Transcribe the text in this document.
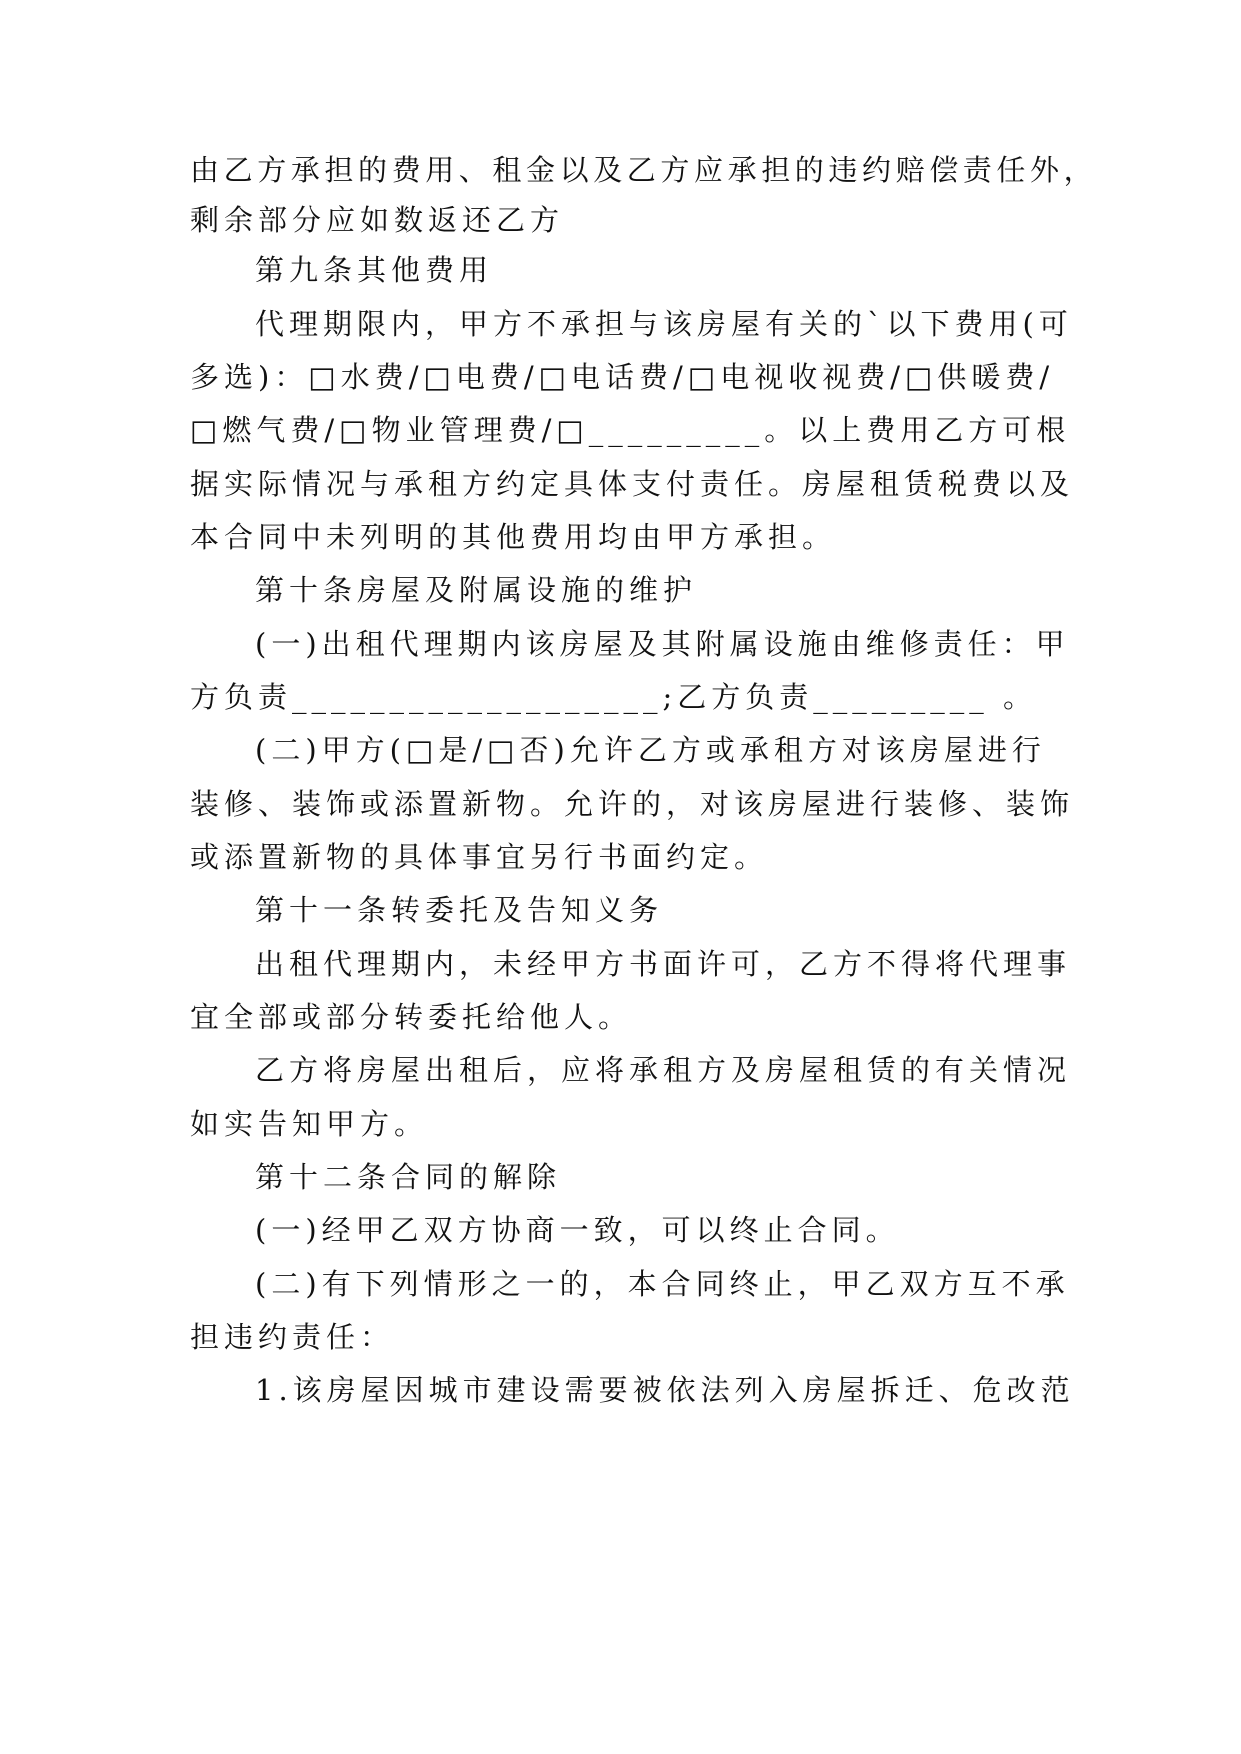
由乙方承担的费用、租金以及乙方应承担的违约赔偿责任外，
剩余部分应如数返还乙方
第九条其他费用
代理期限内，甲方不承担与该房屋有关的`以下费用(可
多选)：□水费/□电费/□电话费/□电视收视费/□供暖费/
□燃气费/□物业管理费/□_________。以上费用乙方可根
据实际情况与承租方约定具体支付责任。房屋租赁税费以及
本合同中未列明的其他费用均由甲方承担。
第十条房屋及附属设施的维护
(一)出租代理期内该房屋及其附属设施由维修责任：甲
方负责___________________;乙方负责_________ 。
(二)甲方(□是/□否)允许乙方或承租方对该房屋进行
装修、装饰或添置新物。允许的，对该房屋进行装修、装饰
或添置新物的具体事宜另行书面约定。
第十一条转委托及告知义务
出租代理期内，未经甲方书面许可，乙方不得将代理事
宜全部或部分转委托给他人。
乙方将房屋出租后，应将承租方及房屋租赁的有关情况
如实告知甲方。
第十二条合同的解除
(一)经甲乙双方协商一致，可以终止合同。
(二)有下列情形之一的，本合同终止，甲乙双方互不承
担违约责任：
1.该房屋因城市建设需要被依法列入房屋拆迁、危改范
